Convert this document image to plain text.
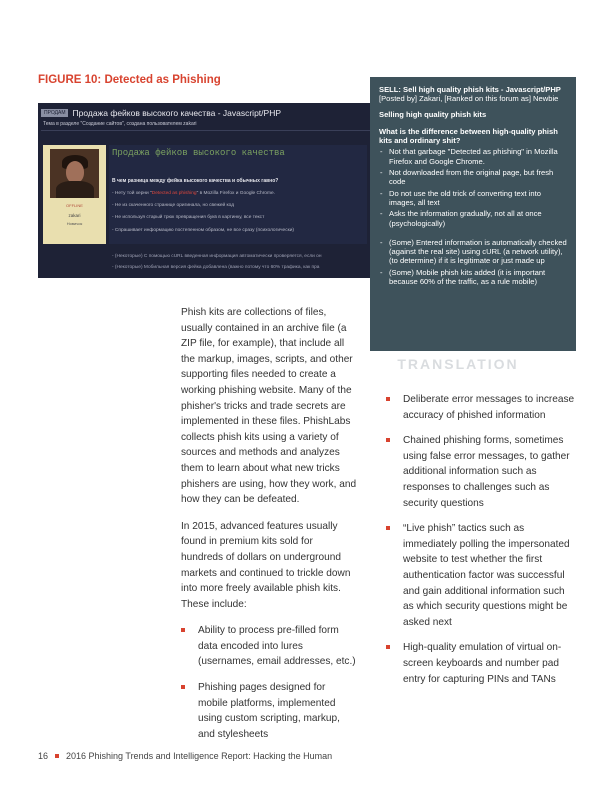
FIGURE 10: Detected as Phishing
ПРОДАМ Продажа фейков высокого качества - Javascript/PHP
Тема в разделе "Создание сайтов", создана пользователем zakari
OFFLINE
zakari
Новичок
Продажа фейков высокого качества
В чем разница между фейка высокого качества и обычных гавно?
- Нету той херни "Detected as phishing" в Mozilla Firefox и Google Chrome.
- Не из скаченного страницe оригинала, но свежей код
- Не используя старый трюк превращения букв в картинку, все текст
- Спрашивает информацию постепенном образом, не все сразу (психологически)
- (Некоторые) С помощью cURL введенная информация автоматически проверяется, если он
- (Некоторые) Мобильная версия фейка добавлена (важно потому что 60% трафика, как пра

SELL: Sell high quality phish kits - Javascript/PHP

[Posted by] Zakari, [Ranked on this forum as] Newbie

Selling high quality phish kits

What is the difference between high-quality phish kits and ordinary shit?

- Not that garbage "Detected as phishing" in Mozilla Firefox and Google Chrome.
- Not downloaded from the original page, but fresh code
- Do not use the old trick of converting text into images, all text
- Asks the information gradually, not all at once (psychologically)
- (Some) Entered information is automatically checked (against the real site) using cURL (a network utility), (to determine) if it is legitimate or just made up
- (Some) Mobile phish kits added (it is important because 60% of the traffic, as a rule mobile)
TRANSLATION

Phish kits are collections of files, usually contained in an archive file (a ZIP file, for example), that include all the markup, images, scripts, and other supporting files needed to create a working phishing website. Many of the phisher's tricks and trade secrets are implemented in these files. PhishLabs collects phish kits using a variety of sources and methods and analyzes them to learn about what new tricks phishers are using, how they work, and how they can be defeated.

In 2015, advanced features usually found in premium kits sold for hundreds of dollars on underground markets and continued to trickle down into more freely available phish kits. These include:

Ability to process pre-filled form data encoded into lures (usernames, email addresses, etc.)
Phishing pages designed for mobile platforms, implemented using custom scripting, markup, and stylesheets
Deliberate error messages to increase accuracy of phished information
Chained phishing forms, sometimes using false error messages, to gather additional information such as responses to challenges such as security questions
“Live phish” tactics such as immediately polling the impersonated website to test whether the first authentication factor was successful and gain additional information such as which security questions might be asked next
High-quality emulation of virtual on-screen keyboards and number pad entry for capturing PINs and TANs
16 2016 Phishing Trends and Intelligence Report: Hacking the Human
